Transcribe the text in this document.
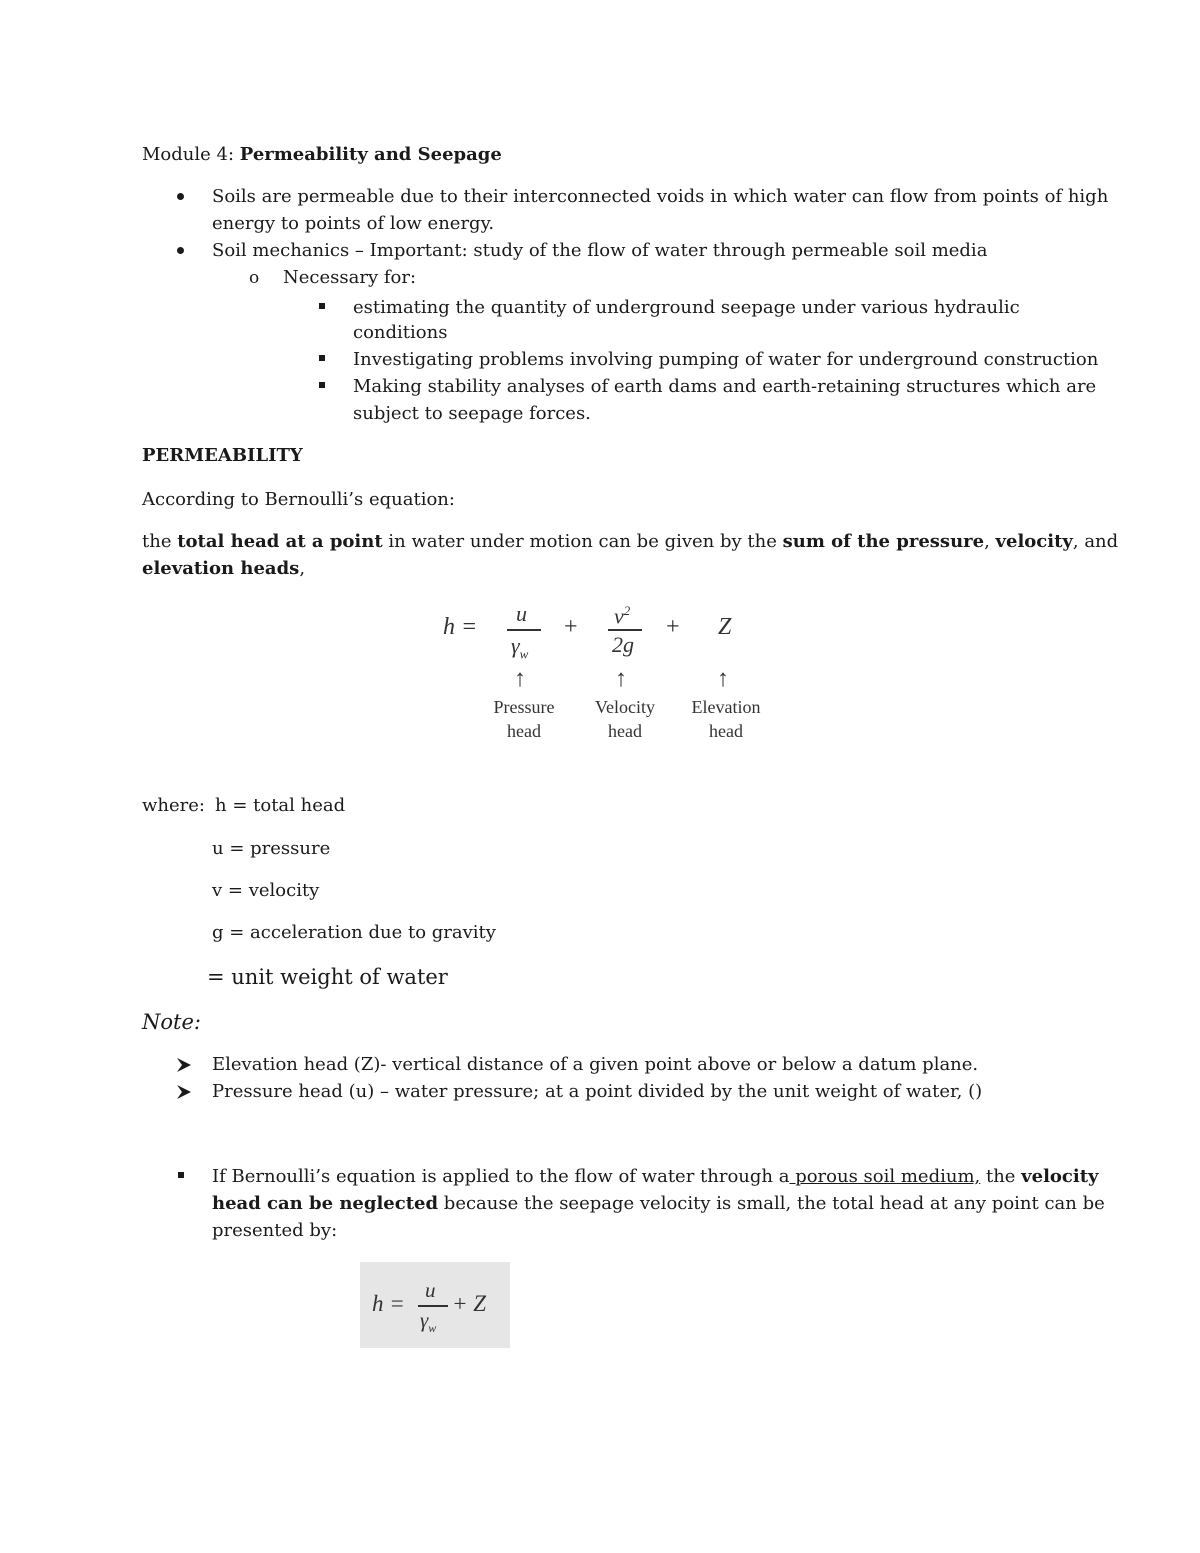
Module 4: Permeability and Seepage
Soils are permeable due to their interconnected voids in which water can flow from points of high
energy to points of low energy.
Soil mechanics – Important: study of the flow of water through permeable soil media
o Necessary for:
estimating the quantity of underground seepage under various hydraulic
conditions
Investigating problems involving pumping of water for underground construction
Making stability analyses of earth dams and earth-retaining structures which are
subject to seepage forces.
PERMEABILITY
According to Bernoulli’s equation:
the total head at a point in water under motion can be given by the sum of the pressure, velocity, and
elevation heads,
h =
u
$\gamma_w$
+ $v^2$
2g
+ Z
↑	↑	↑
Pressure
head
Velocity
head
Elevation
head
where: h = total head
u = pressure
v = velocity
g = acceleration due to gravity
= unit weight of water
Note:
Elevation head (Z)- vertical distance of a given point above or below a datum plane.
Pressure head (u) – water pressure; at a point divided by the unit weight of water, ()
If Bernoulli’s equation is applied to the flow of water through a porous soil medium, the velocity
head can be neglected because the seepage velocity is small, the total head at any point can be
presented by:
h =
u
$\gamma_w$
+ Z
